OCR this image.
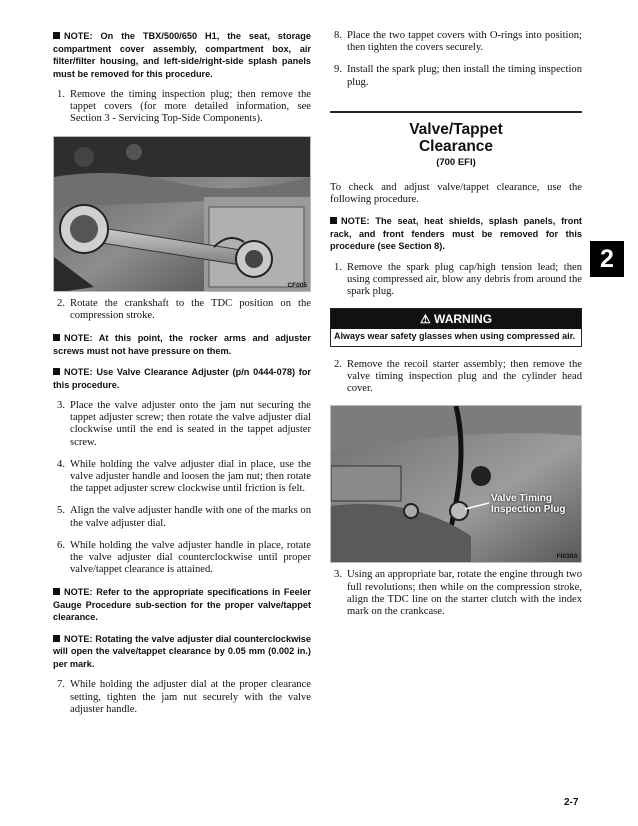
NOTE: On the TBX/500/650 H1, the seat, storage compartment cover assembly, compartment box, air filter/filter housing, and left-side/right-side splash panels must be removed for this procedure.

1. Remove the timing inspection plug; then remove the tappet covers (for more detailed information, see Section 3 - Servicing Top-Side Components).
CF005
2. Rotate the crankshaft to the TDC position on the compression stroke.

NOTE: At this point, the rocker arms and adjuster screws must not have pressure on them.

NOTE: Use Valve Clearance Adjuster (p/n 0444-078) for this procedure.

3. Place the valve adjuster onto the jam nut securing the tappet adjuster screw; then rotate the valve adjuster dial clockwise until the end is seated in the tappet adjuster screw.
4. While holding the valve adjuster dial in place, use the valve adjuster handle and loosen the jam nut; then rotate the tappet adjuster screw clockwise until friction is felt.
5. Align the valve adjuster handle with one of the marks on the valve adjuster dial.
6. While holding the valve adjuster handle in place, rotate the valve adjuster dial counterclockwise until proper valve/tappet clearance is attained.

NOTE: Refer to the appropriate specifications in Feeler Gauge Procedure sub-section for the proper valve/tappet clearance.

NOTE: Rotating the valve adjuster dial counterclockwise will open the valve/tappet clearance by 0.05 mm (0.002 in.) per mark.

7. While holding the adjuster dial at the proper clearance setting, tighten the jam nut securely with the valve adjuster handle.
8. Place the two tappet covers with O-rings into position; then tighten the covers securely.
9. Install the spark plug; then install the timing inspection plug.
Valve/Tappet Clearance
(700 EFI)

To check and adjust valve/tappet clearance, use the following procedure.

NOTE: The seat, heat shields, splash panels, front rack, and front fenders must be removed for this procedure (see Section 8).

1. Remove the spark plug cap/high tension lead; then using compressed air, blow any debris from around the spark plug.
⚠ WARNING
Always wear safety glasses when using compressed air.
2. Remove the recoil starter assembly; then remove the valve timing inspection plug and the cylinder head cover.
Valve Timing
Inspection Plug
FI039A
3. Using an appropriate bar, rotate the engine through two full revolutions; then while on the compression stroke, align the TDC line on the starter clutch with the index mark on the crankcase.
2
2-7
